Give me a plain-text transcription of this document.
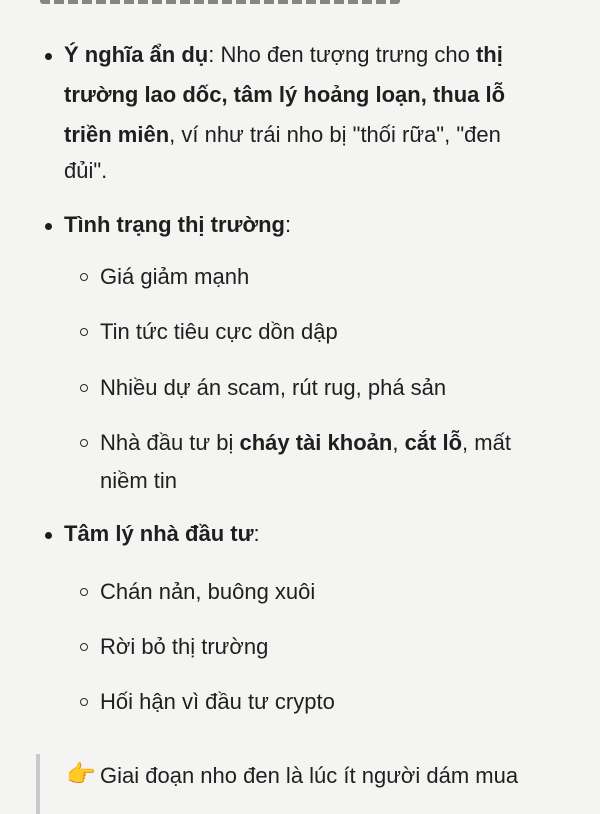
Ý nghĩa ẩn dụ: Nho đen tượng trưng cho thị
trường lao dốc, tâm lý hoảng loạn, thua lỗ
triền miên, ví như trái nho bị "thối rữa", "đen
đủi".
Tình trạng thị trường:
Giá giảm mạnh
Tin tức tiêu cực dồn dập
Nhiều dự án scam, rút rug, phá sản
Nhà đầu tư bị cháy tài khoản, cắt lỗ, mất
niềm tin
Tâm lý nhà đầu tư:
Chán nản, buông xuôi
Rời bỏ thị trường
Hối hận vì đầu tư crypto
👉 Giai đoạn nho đen là lúc ít người dám mua
